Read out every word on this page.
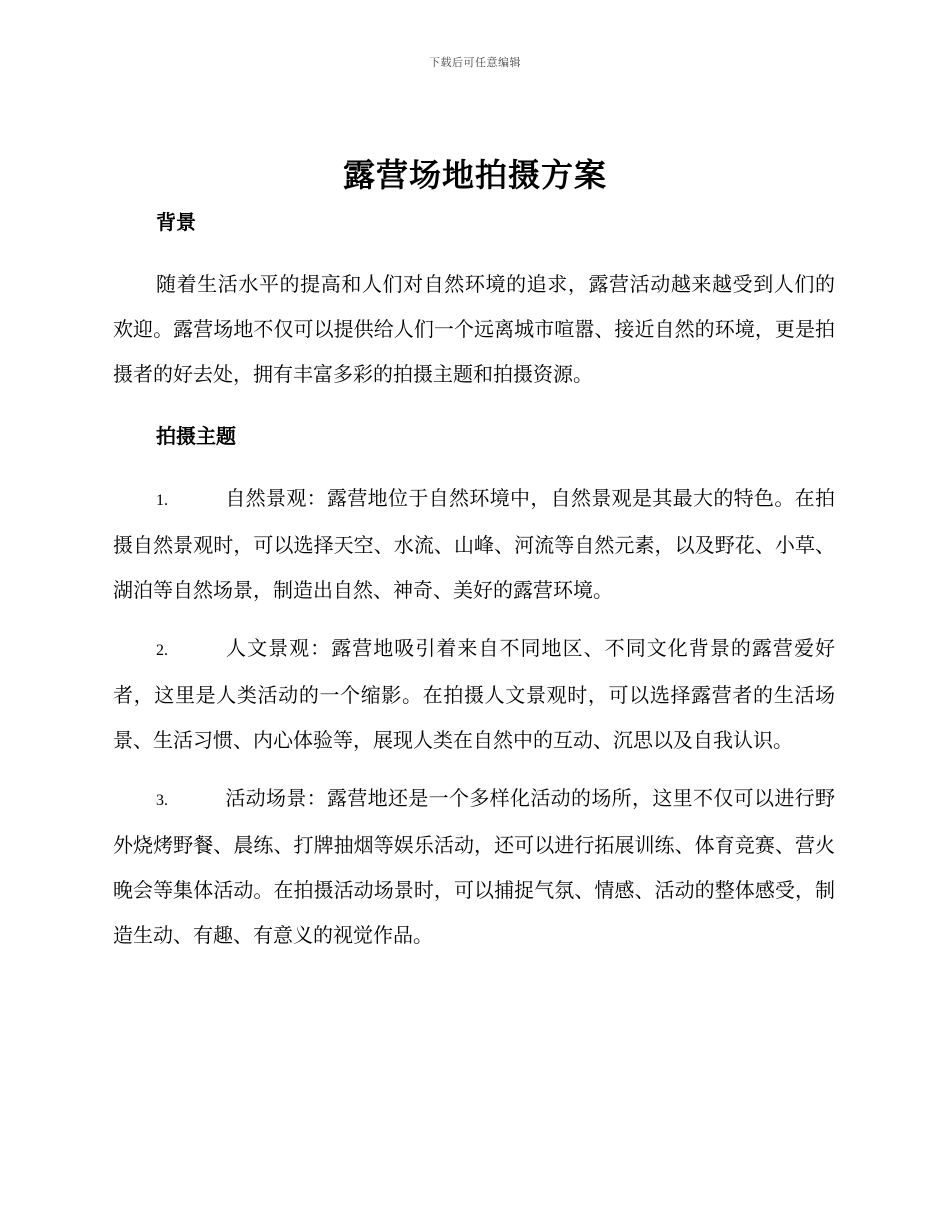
下载后可任意编辑
露营场地拍摄方案
背景

随着生活水平的提高和人们对自然环境的追求，露营活动越来越受到人们的欢迎。露营场地不仅可以提供给人们一个远离城市喧嚣、接近自然的环境，更是拍摄者的好去处，拥有丰富多彩的拍摄主题和拍摄资源。

拍摄主题

1.	自然景观：露营地位于自然环境中，自然景观是其最大的特色。在拍摄自然景观时，可以选择天空、水流、山峰、河流等自然元素，以及野花、小草、湖泊等自然场景，制造出自然、神奇、美好的露营环境。

2.	人文景观：露营地吸引着来自不同地区、不同文化背景的露营爱好者，这里是人类活动的一个缩影。在拍摄人文景观时，可以选择露营者的生活场景、生活习惯、内心体验等，展现人类在自然中的互动、沉思以及自我认识。

3.	活动场景：露营地还是一个多样化活动的场所，这里不仅可以进行野外烧烤野餐、晨练、打牌抽烟等娱乐活动，还可以进行拓展训练、体育竞赛、营火晚会等集体活动。在拍摄活动场景时，可以捕捉气氛、情感、活动的整体感受，制造生动、有趣、有意义的视觉作品。
